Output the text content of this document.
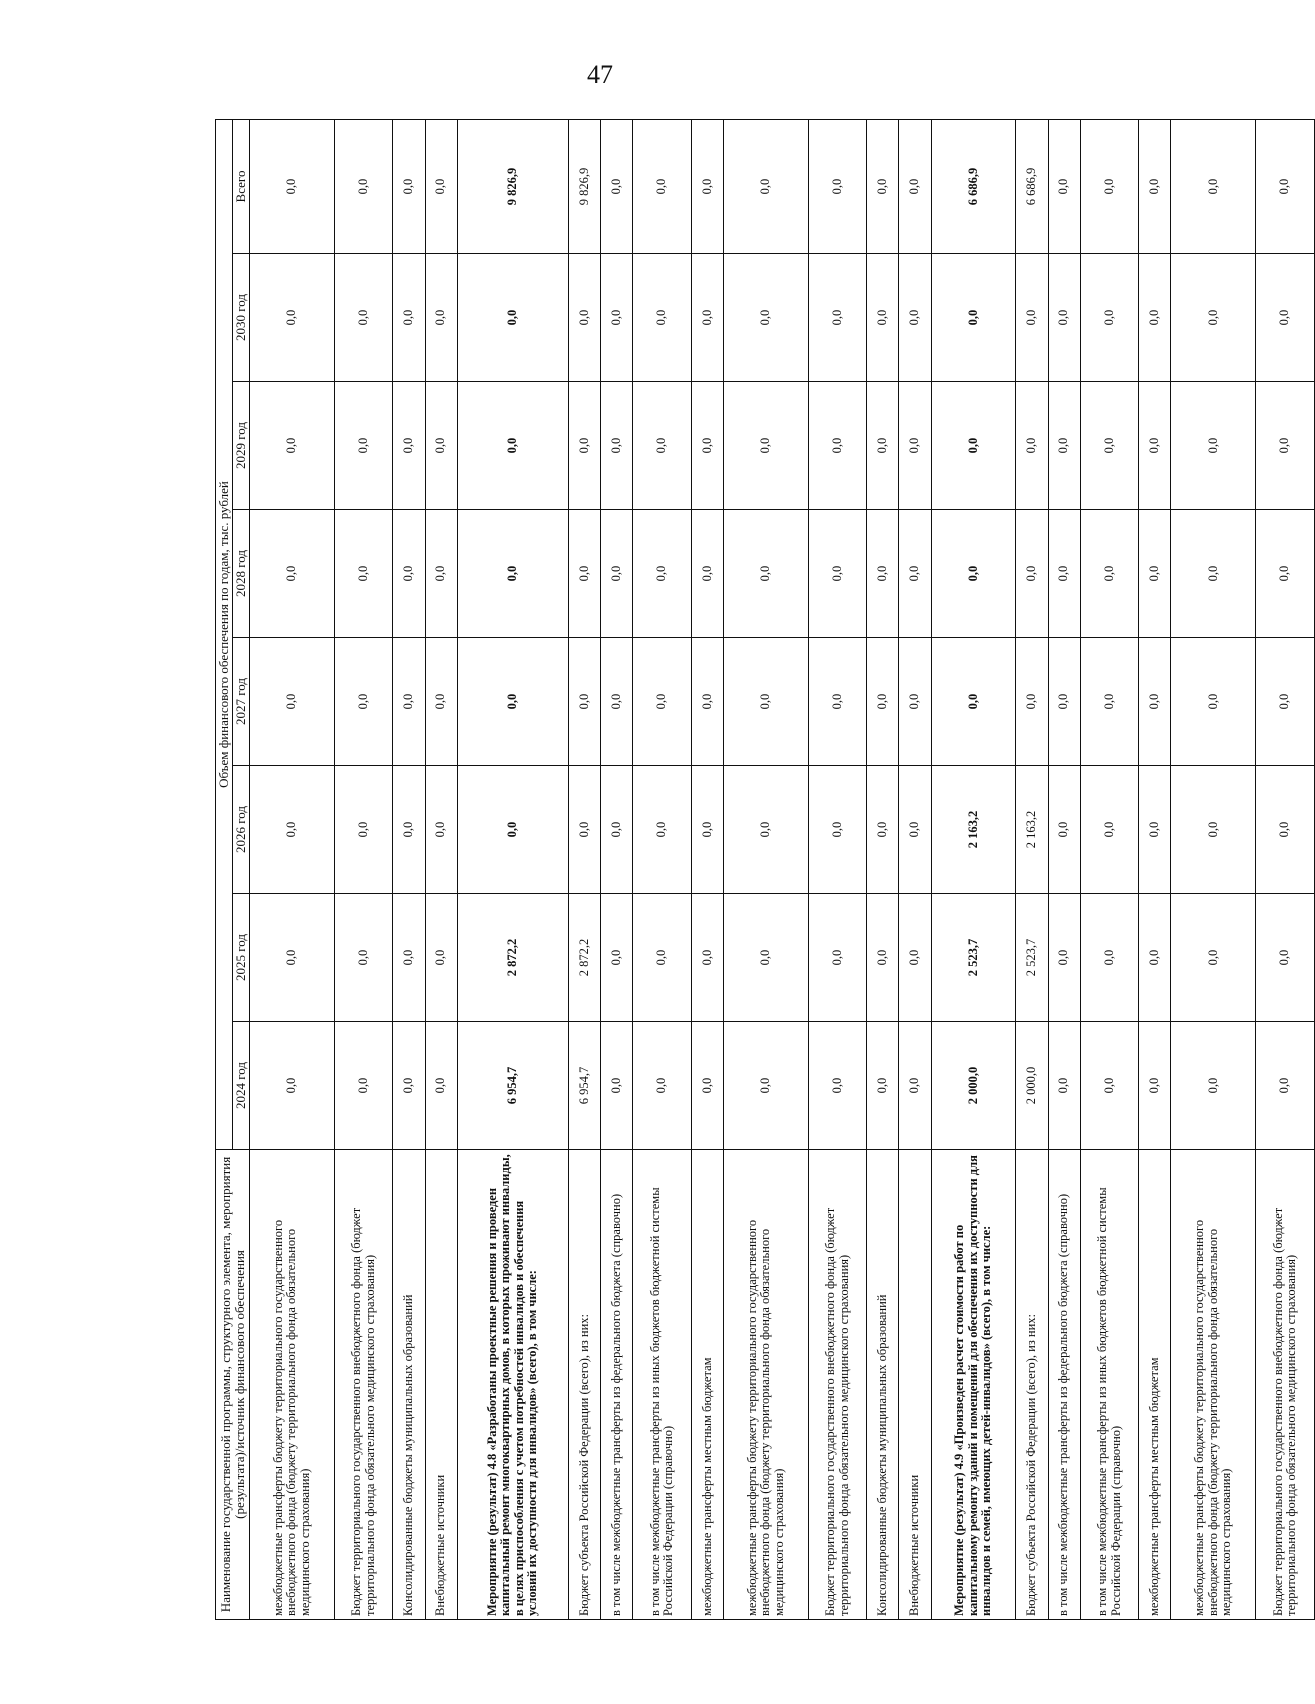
47
Наименование государственной программы, структурного элемента, мероприятия (результата)/источник финансового обеспечения	Объем финансового обеспечения по годам, тыс. рублей							
	2024 год	2025 год	2026 год	2027 год	2028 год	2029 год	2030 год	Всего
межбюджетные трансферты бюджету территориального государственного внебюджетного фонда (бюджету территориального фонда обязательного медицинского страхования)	0,0	0,0	0,0	0,0	0,0	0,0	0,0	0,0
Бюджет территориального государственного внебюджетного фонда (бюджет территориального фонда обязательного медицинского страхования)	0,0	0,0	0,0	0,0	0,0	0,0	0,0	0,0
Консолидированные бюджеты муниципальных образований	0,0	0,0	0,0	0,0	0,0	0,0	0,0	0,0
Внебюджетные источники	0,0	0,0	0,0	0,0	0,0	0,0	0,0	0,0
Мероприятие (результат) 4.8 «Разработаны проектные решения и проведен капитальный ремонт многоквартирных домов, в которых проживают инвалиды, в целях приспособления с учетом потребностей инвалидов и обеспечения условий их доступности для инвалидов» (всего), в том числе:	6 954,7	2 872,2	0,0	0,0	0,0	0,0	0,0	9 826,9
Бюджет субъекта Российской Федерации (всего), из них:	6 954,7	2 872,2	0,0	0,0	0,0	0,0	0,0	9 826,9
в том числе межбюджетные трансферты из федерального бюджета (справочно)	0,0	0,0	0,0	0,0	0,0	0,0	0,0	0,0
в том числе межбюджетные трансферты из иных бюджетов бюджетной системы Российской Федерации (справочно)	0,0	0,0	0,0	0,0	0,0	0,0	0,0	0,0
межбюджетные трансферты местным бюджетам	0,0	0,0	0,0	0,0	0,0	0,0	0,0	0,0
межбюджетные трансферты бюджету территориального государственного внебюджетного фонда (бюджету территориального фонда обязательного медицинского страхования)	0,0	0,0	0,0	0,0	0,0	0,0	0,0	0,0
Бюджет территориального государственного внебюджетного фонда (бюджет территориального фонда обязательного медицинского страхования)	0,0	0,0	0,0	0,0	0,0	0,0	0,0	0,0
Консолидированные бюджеты муниципальных образований	0,0	0,0	0,0	0,0	0,0	0,0	0,0	0,0
Внебюджетные источники	0,0	0,0	0,0	0,0	0,0	0,0	0,0	0,0
Мероприятие (результат) 4.9 «Произведен расчет стоимости работ по капитальному ремонту зданий и помещений для обеспечения их доступности для инвалидов и семей, имеющих детей-инвалидов» (всего), в том числе:	2 000,0	2 523,7	2 163,2	0,0	0,0	0,0	0,0	6 686,9
Бюджет субъекта Российской Федерации (всего), из них:	2 000,0	2 523,7	2 163,2	0,0	0,0	0,0	0,0	6 686,9
в том числе межбюджетные трансферты из федерального бюджета (справочно)	0,0	0,0	0,0	0,0	0,0	0,0	0,0	0,0
в том числе межбюджетные трансферты из иных бюджетов бюджетной системы Российской Федерации (справочно)	0,0	0,0	0,0	0,0	0,0	0,0	0,0	0,0
межбюджетные трансферты местным бюджетам	0,0	0,0	0,0	0,0	0,0	0,0	0,0	0,0
межбюджетные трансферты бюджету территориального государственного внебюджетного фонда (бюджету территориального фонда обязательного медицинского страхования)	0,0	0,0	0,0	0,0	0,0	0,0	0,0	0,0
Бюджет территориального государственного внебюджетного фонда (бюджет территориального фонда обязательного медицинского страхования)	0,0	0,0	0,0	0,0	0,0	0,0	0,0	0,0
